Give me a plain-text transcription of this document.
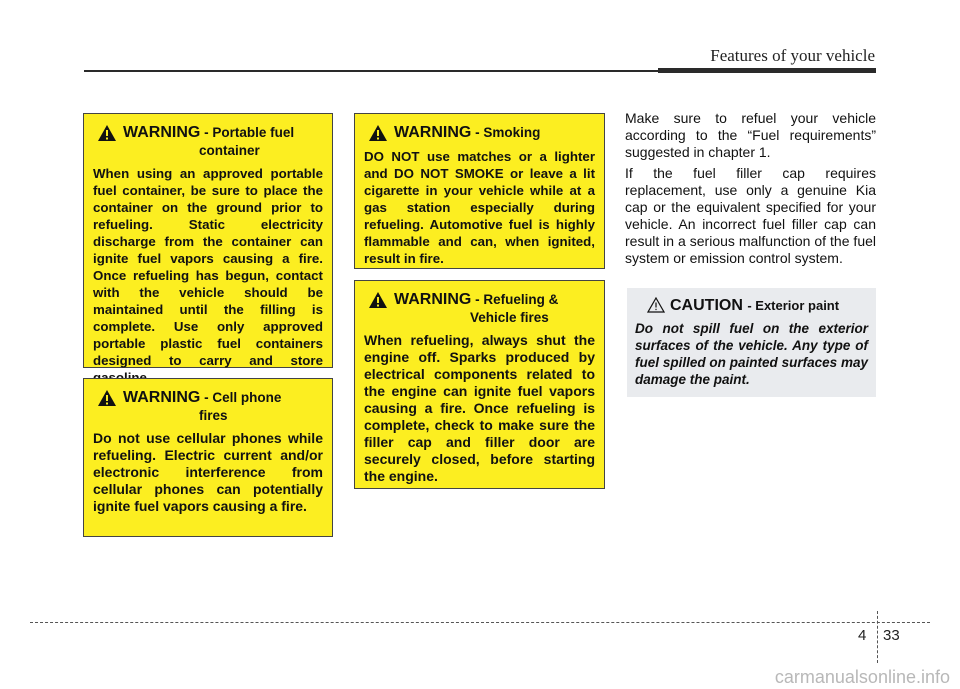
Features of your vehicle
WARNING - Portable fuel
container
When using an approved portable fuel container, be sure to place the container on the ground prior to refueling. Static electricity discharge from the container can ignite fuel vapors causing a fire. Once refueling has begun, contact with the vehicle should be maintained until the filling is complete. Use only approved portable plastic fuel containers designed to carry and store
WARNING - Cell phone
fires
Do not use cellular phones while refueling. Electric current and/or electronic interference from cellular phones can potentially ignite fuel vapors causing a fire.
WARNING - Smoking
DO NOT use matches or a lighter and DO NOT SMOKE or leave a lit cigarette in your vehicle while at a gas station especially during refueling. Automotive fuel is highly flammable and can, when ignited, result in fire.
WARNING - Refueling &
Vehicle fires
When refueling, always shut the engine off. Sparks produced by electrical components related to the engine can ignite fuel vapors causing a fire. Once refueling is complete, check to make sure the filler cap and filler door are securely closed, before starting the engine.

Make sure to refuel your vehicle according to the “Fuel requirements” suggested in chapter 1.

If the fuel filler cap requires replacement, use only a genuine Kia cap or the equivalent specified for your vehicle. An incorrect fuel filler cap can result in a serious malfunction of the fuel system or emission control system.

CAUTION - Exterior paint
Do not spill fuel on the exterior surfaces of the vehicle. Any type of fuel spilled on painted surfaces may damage the paint.
4 33
carmanualsonline.info
